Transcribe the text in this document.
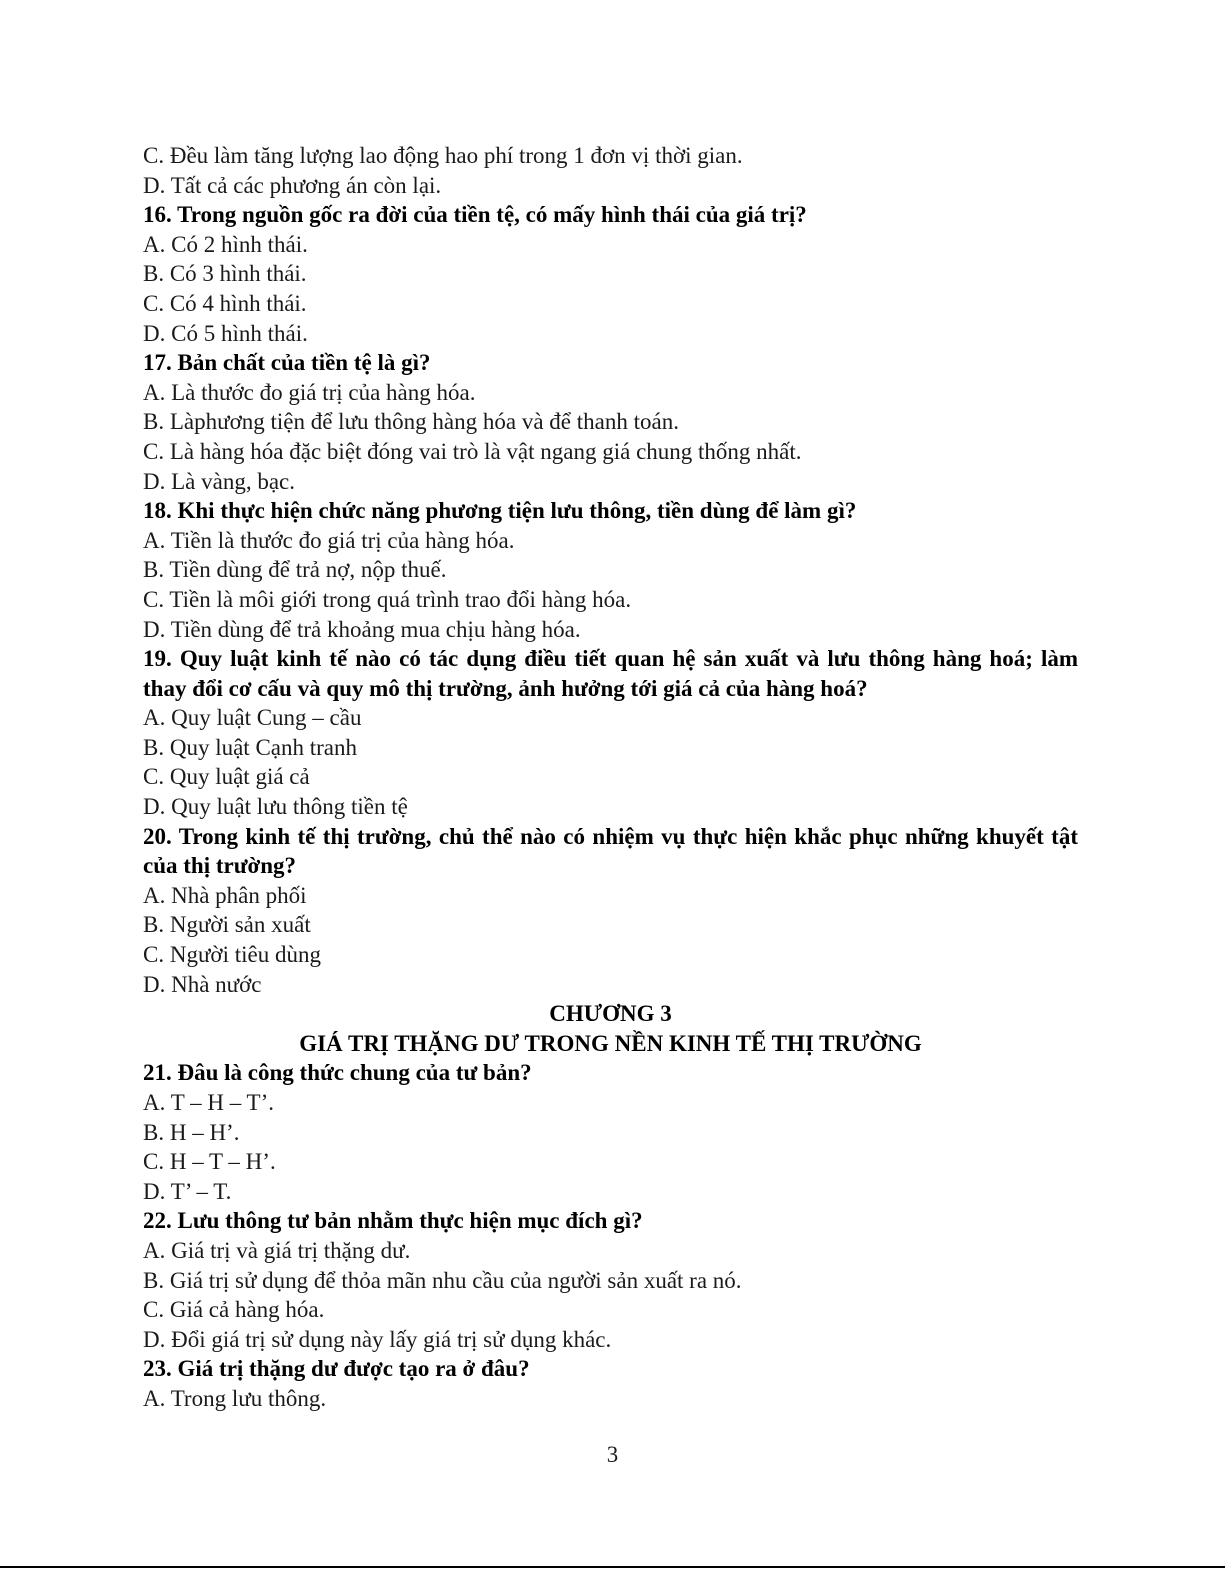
C. Đều làm tăng lượng lao động hao phí trong 1 đơn vị thời gian.
D. Tất cả các phương án còn lại.
16. Trong nguồn gốc ra đời của tiền tệ, có mấy hình thái của giá trị?
A. Có 2 hình thái.
B. Có 3 hình thái.
C. Có 4 hình thái.
D. Có 5 hình thái.
17. Bản chất của tiền tệ là gì?
A. Là thước đo giá trị của hàng hóa.
B. Làphương tiện để lưu thông hàng hóa và để thanh toán.
C. Là hàng hóa đặc biệt đóng vai trò là vật ngang giá chung thống nhất.
D. Là vàng, bạc.
18. Khi thực hiện chức năng phương tiện lưu thông, tiền dùng để làm gì?
A. Tiền là thước đo giá trị của hàng hóa.
B. Tiền dùng để trả nợ, nộp thuế.
C. Tiền là môi giới trong quá trình trao đổi hàng hóa.
D. Tiền dùng để trả khoảng mua chịu hàng hóa.
19. Quy luật kinh tế nào có tác dụng điều tiết quan hệ sản xuất và lưu thông hàng hoá; làm thay đổi cơ cấu và quy mô thị trường, ảnh hưởng tới giá cả của hàng hoá?
A. Quy luật Cung – cầu
B. Quy luật Cạnh tranh
C. Quy luật giá cả
D. Quy luật lưu thông tiền tệ
20. Trong kinh tế thị trường, chủ thể nào có nhiệm vụ thực hiện khắc phục những khuyết tật của thị trường?
A. Nhà phân phối
B. Người sản xuất
C. Người tiêu dùng
D. Nhà nước
CHƯƠNG 3
GIÁ TRỊ THẶNG DƯ TRONG NỀN KINH TẾ THỊ TRƯỜNG
21. Đâu là công thức chung của tư bản?
A. T – H – T’.
B. H – H’.
C. H – T – H’.
D. T’ – T.
22. Lưu thông tư bản nhằm thực hiện mục đích gì?
A. Giá trị và giá trị thặng dư.
B. Giá trị sử dụng để thỏa mãn nhu cầu của người sản xuất ra nó.
C. Giá cả hàng hóa.
D. Đổi giá trị sử dụng này lấy giá trị sử dụng khác.
23. Giá trị thặng dư được tạo ra ở đâu?
A. Trong lưu thông.
3
